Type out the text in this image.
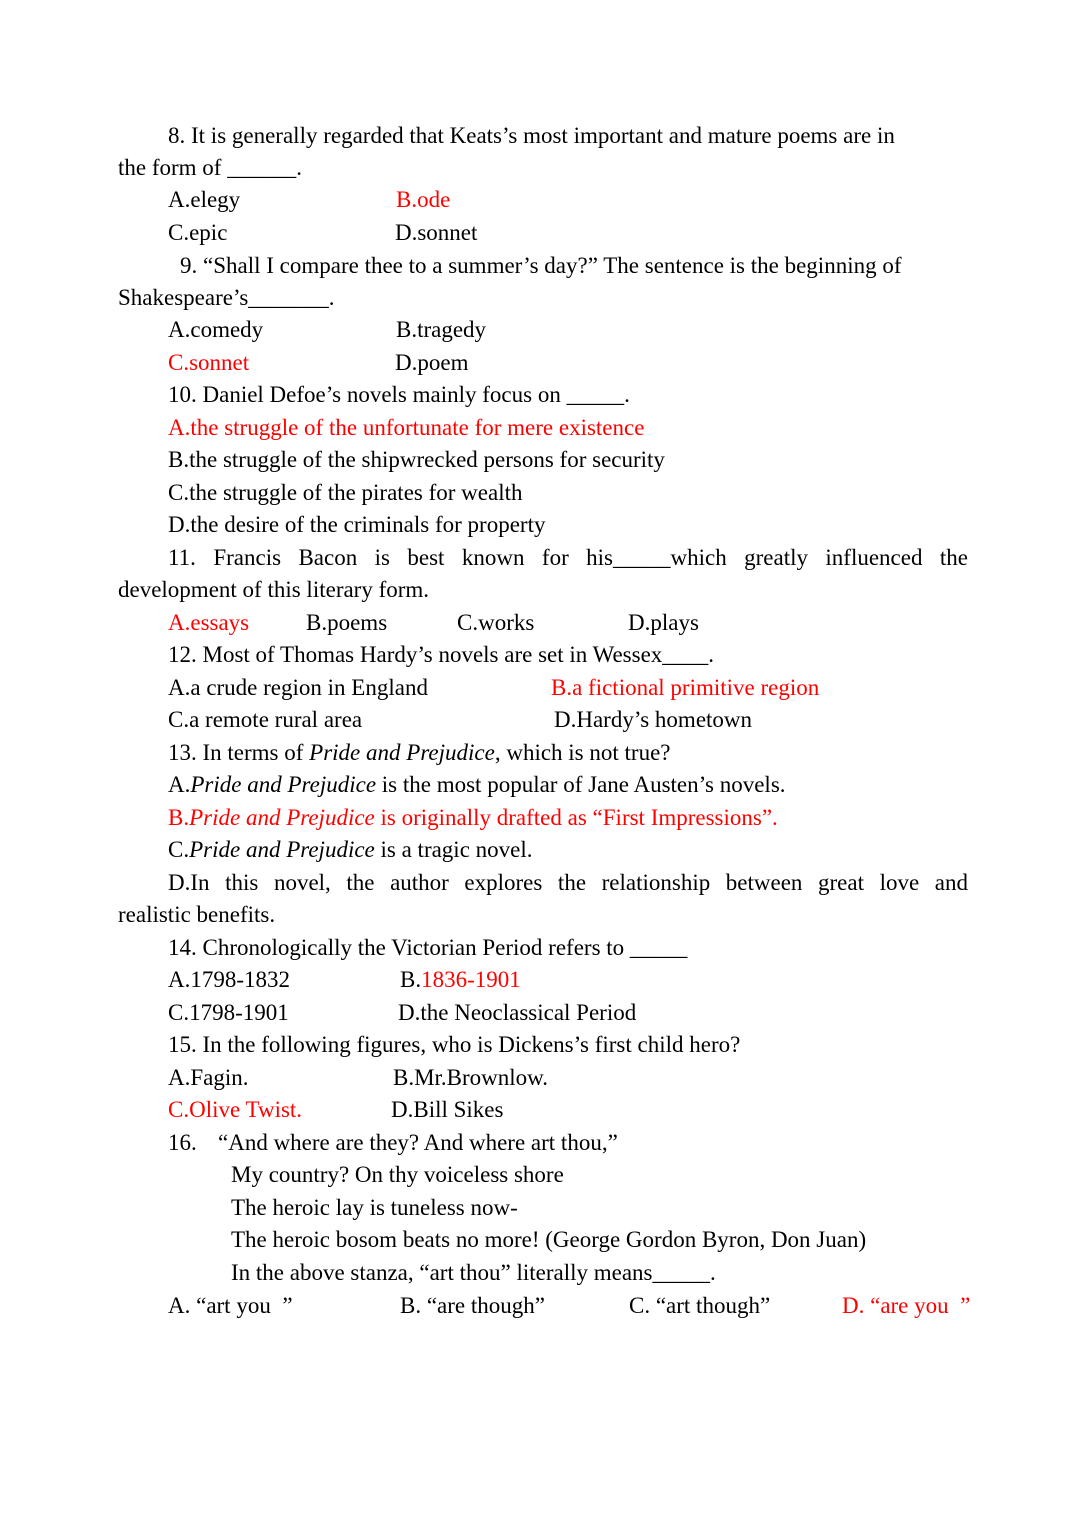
8. It is generally regarded that Keats’s most important and mature poems are in
the form of ______.
A.elegy	B.ode
C.epic	D.sonnet
9. “Shall I compare thee to a summer’s day?” The sentence is the beginning of
Shakespeare’s_______.
A.comedy	B.tragedy
C.sonnet	D.poem
10. Daniel Defoe’s novels mainly focus on _____.
A.the struggle of the unfortunate for mere existence
B.the struggle of the shipwrecked persons for security
C.the struggle of the pirates for wealth
D.the desire of the criminals for property
11. Francis Bacon is best known for his_____which greatly influenced the
development of this literary form.
A.essays B.poems	C.works	D.plays
12. Most of Thomas Hardy’s novels are set in Wessex____.
A.a crude region in England	B.a fictional primitive region
C.a remote rural area	D.Hardy’s hometown
13. In terms of Pride and Prejudice, which is not true?
A.Pride and Prejudice is the most popular of Jane Austen’s novels.
B.Pride and Prejudice is originally drafted as “First Impressions”.
C.Pride and Prejudice is a tragic novel.
D.In this novel, the author explores the relationship between great love and
realistic benefits.
14. Chronologically the Victorian Period refers to _____
A.1798-1832	B.1836-1901
C.1798-1901	D.the Neoclassical Period
15. In the following figures, who is Dickens’s first child hero?
A.Fagin.	B.Mr.Brownlow.
C.Olive Twist.	D.Bill Sikes
16. “And where are they? And where art thou,”
My country? On thy voiceless shore
The heroic lay is tuneless now-
The heroic bosom beats no more! (George Gordon Byron, Don Juan)
In the above stanza, “art thou” literally means_____.
A. “art you  ”	B. “are though”	C. “art though”	D. “are you  ”
